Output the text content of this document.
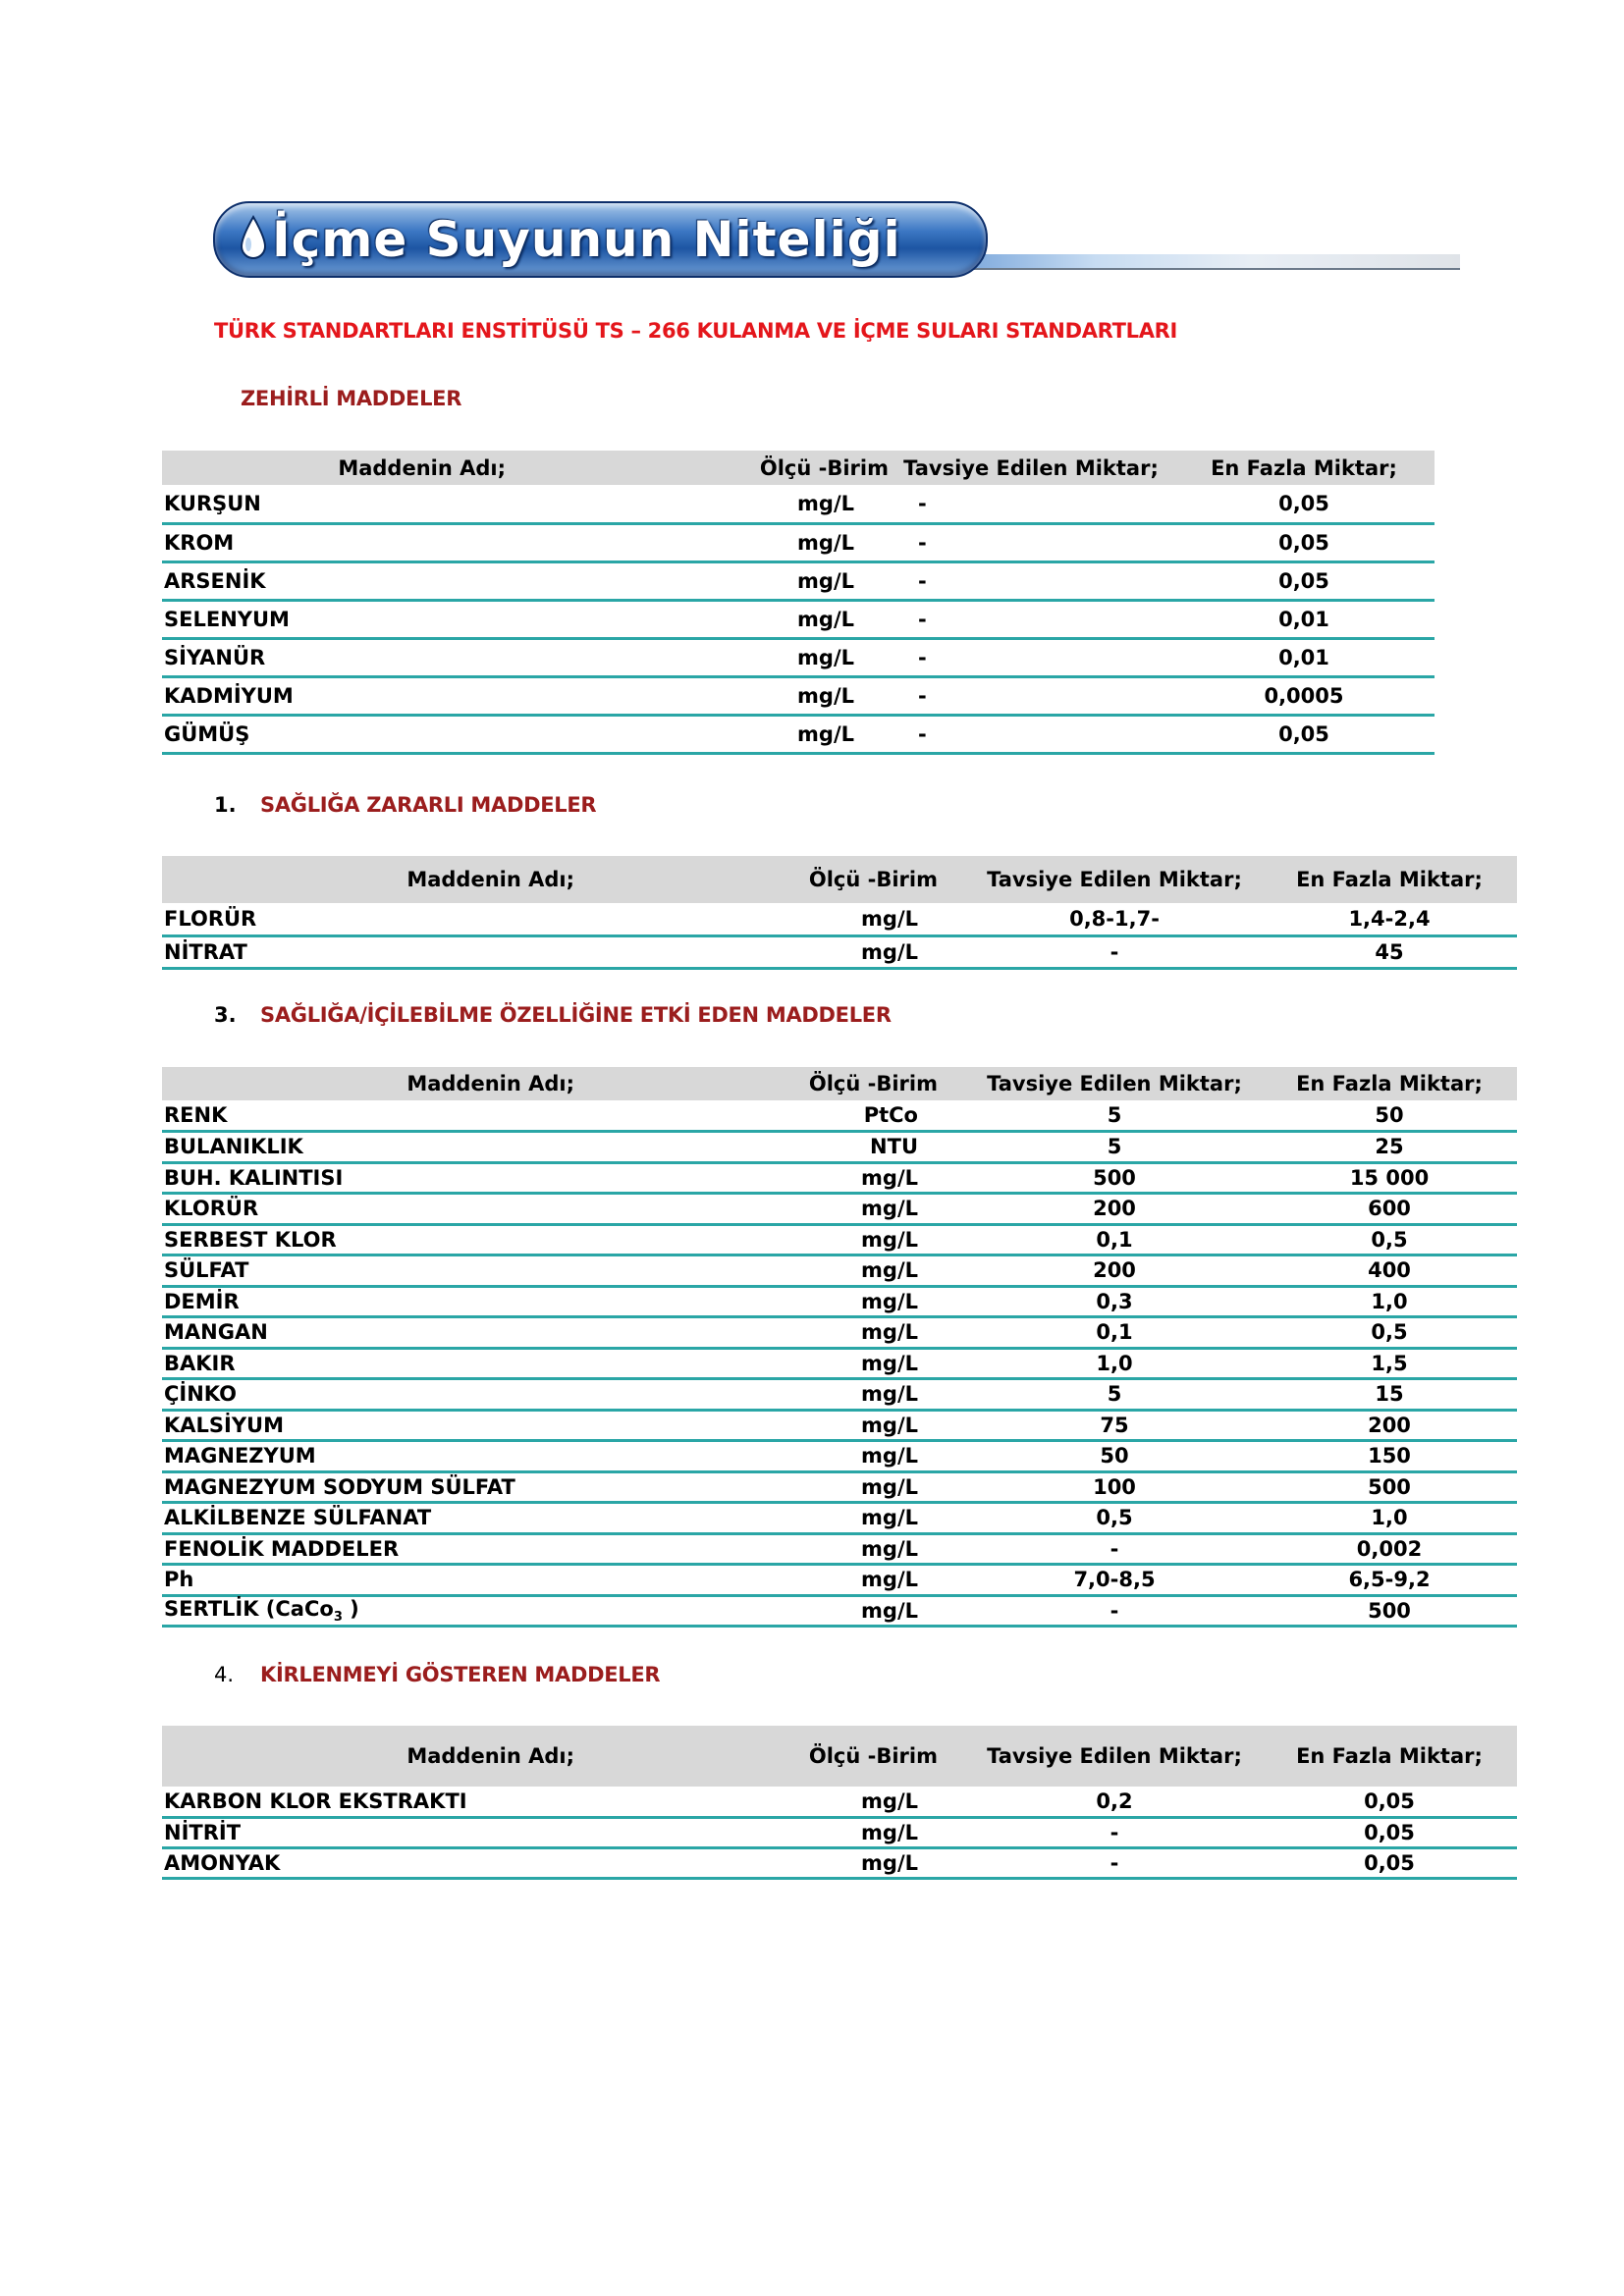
İçme Suyunun Niteliği
TÜRK STANDARTLARI ENSTİTÜSÜ TS – 266 KULANMA VE İÇME SULARI STANDARTLARI
ZEHİRLİ MADDELER
Maddenin Adı;	Ölçü -Birim	Tavsiye Edilen Miktar;	En Fazla Miktar;
KURŞUN	mg/L	-	0,05
KROM	mg/L	-	0,05
ARSENİK	mg/L	-	0,05
SELENYUM	mg/L	-	0,01
SİYANÜR	mg/L	-	0,01
KADMİYUM	mg/L	-	0,0005
GÜMÜŞ	mg/L	-	0,05
1. SAĞLIĞA ZARARLI MADDELER
Maddenin Adı;	Ölçü -Birim	Tavsiye Edilen Miktar;	En Fazla Miktar;
FLORÜR	mg/L	0,8-1,7-	1,4-2,4
NİTRAT	mg/L	-	45
3. SAĞLIĞA/İÇİLEBİLME ÖZELLİĞİNE ETKİ EDEN MADDELER
Maddenin Adı;	Ölçü -Birim	Tavsiye Edilen Miktar;	En Fazla Miktar;
RENK	PtCo	5	50
BULANIKLIK	NTU	5	25
BUH. KALINTISI	mg/L	500	15 000
KLORÜR	mg/L	200	600
SERBEST KLOR	mg/L	0,1	0,5
SÜLFAT	mg/L	200	400
DEMİR	mg/L	0,3	1,0
MANGAN	mg/L	0,1	0,5
BAKIR	mg/L	1,0	1,5
ÇİNKO	mg/L	5	15
KALSİYUM	mg/L	75	200
MAGNEZYUM	mg/L	50	150
MAGNEZYUM SODYUM SÜLFAT	mg/L	100	500
ALKİLBENZE SÜLFANAT	mg/L	0,5	1,0
FENOLİK MADDELER	mg/L	-	0,002
Ph	mg/L	7,0-8,5	6,5-9,2
SERTLİK (CaCo$_3$ )	mg/L	-	500
4. KİRLENMEYİ GÖSTEREN MADDELER
Maddenin Adı;	Ölçü -Birim	Tavsiye Edilen Miktar;	En Fazla Miktar;
KARBON KLOR EKSTRAKTI	mg/L	0,2	0,05
NİTRİT	mg/L	-	0,05
AMONYAK	mg/L	-	0,05
